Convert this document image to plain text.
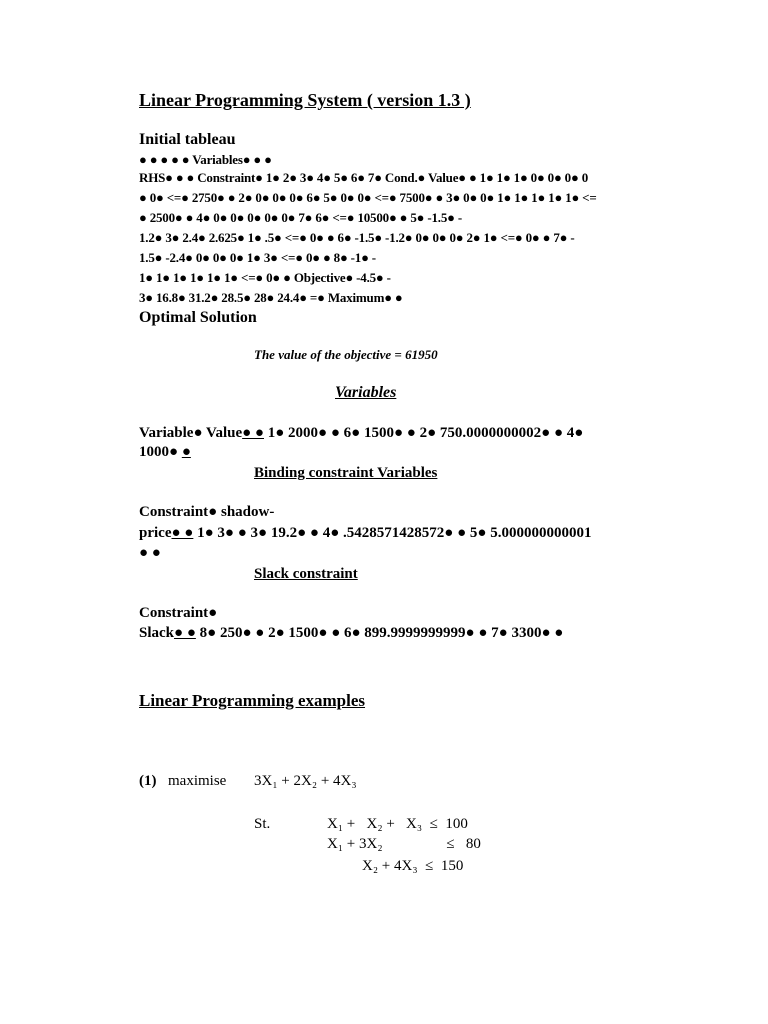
Linear Programming System ( version 1.3 )
Initial tableau
● ● ● ● ● Variables● ● ●
RHS● ● ● Constraint● 1● 2● 3● 4● 5● 6● 7● Cond.● Value● ● 1● 1● 1● 0● 0● 0● 0
● 0● <=● 2750● ● 2● 0● 0● 0● 6● 5● 0● 0● <=● 7500● ● 3● 0● 0● 1● 1● 1● 1● 1● <=
● 2500● ● 4● 0● 0● 0● 0● 0● 7● 6● <=● 10500● ● 5● -1.5● -
1.2● 3● 2.4● 2.625● 1● .5● <=● 0● ● 6● -1.5● -1.2● 0● 0● 0● 2● 1● <=● 0● ● 7● -
1.5● -2.4● 0● 0● 0● 1● 3● <=● 0● ● 8● -1● -
1● 1● 1● 1● 1● 1● <=● 0● ● Objective● -4.5● -
3● 16.8● 31.2● 28.5● 28● 24.4● =● Maximum● ●
Optimal Solution
The value of the objective = 61950
Variables
Variable● Value● ● 1● 2000● ● 6● 1500● ● 2● 750.0000000002● ● 4●
1000● ●
Binding constraint Variables
Constraint● shadow-
price● ● 1● 3● ● 3● 19.2● ● 4● .5428571428572● ● 5● 5.000000000001
● ●
Slack constraint
Constraint●
Slack● ● 8● 250● ● 2● 1500● ● 6● 899.9999999999● ● 7● 3300● ●
Linear Programming examples
(1) maximise 3X₁ + 2X₂ + 4X₃
St.	X₁ +   X₂ +   X₃  ≤  100
X₁ + 3X₂                 ≤   80
X₂ + 4X₃  ≤  150
